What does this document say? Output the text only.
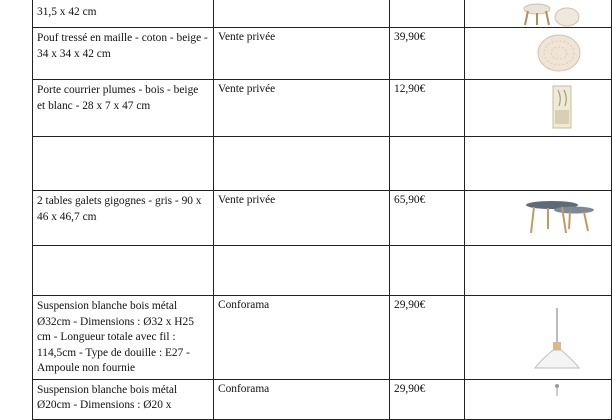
31,5 x 42 cm

Pouf tressé en maille - coton - beige - 34 x 34 x 42 cm	Vente privée	39,90€	

Porte courrier plumes - bois - beige et blanc - 28 x 7 x 47 cm	Vente privée	12,90€	

2 tables galets gigognes - gris - 90 x 46 x 46,7 cm	Vente privée	65,90€	

Suspension blanche bois métal Ø32cm - Dimensions : Ø32 x H25 cm - Longueur totale avec fil : 114,5cm - Type de douille : E27 - Ampoule non fournie	Conforama	29,90€	

Suspension blanche bois métal Ø20cm - Dimensions : Ø20 x	Conforama	29,90€	
